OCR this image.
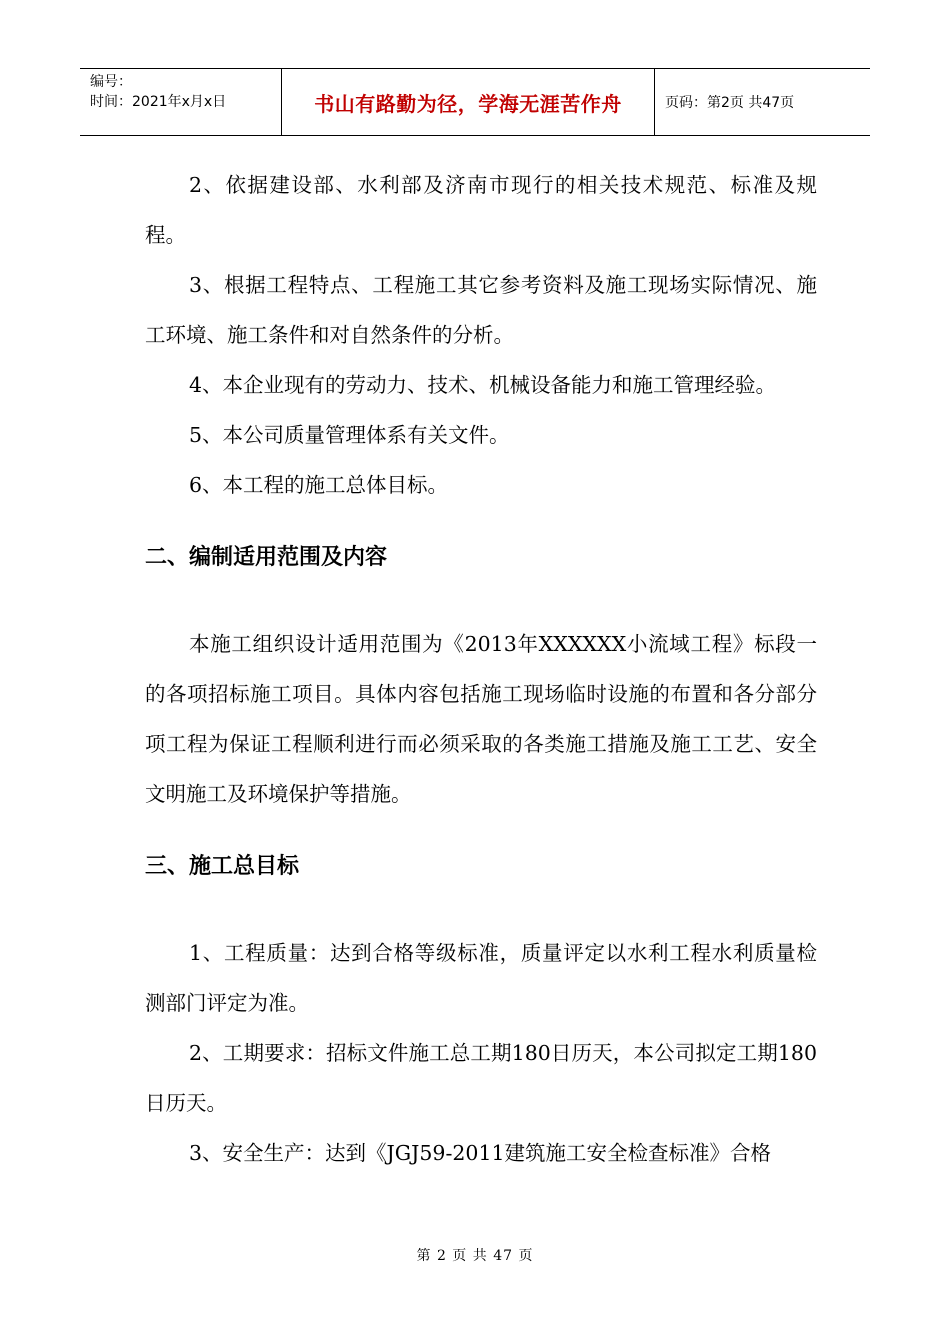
编号：
时间：2021年x月x日	书山有路勤为径，学海无涯苦作舟	页码：第2页 共47页

2、依据建设部、水利部及济南市现行的相关技术规范、标准及规程。

3、根据工程特点、工程施工其它参考资料及施工现场实际情况、施工环境、施工条件和对自然条件的分析。

4、本企业现有的劳动力、技术、机械设备能力和施工管理经验。

5、本公司质量管理体系有关文件。

6、本工程的施工总体目标。

二、编制适用范围及内容

本施工组织设计适用范围为《2013年XXXXXX小流域工程》标段一的各项招标施工项目。具体内容包括施工现场临时设施的布置和各分部分项工程为保证工程顺利进行而必须采取的各类施工措施及施工工艺、安全文明施工及环境保护等措施。

三、施工总目标

1、工程质量：达到合格等级标准，质量评定以水利工程水利质量检测部门评定为准。

2、工期要求：招标文件施工总工期180日历天，本公司拟定工期180日历天。

3、安全生产：达到《JGJ59-2011建筑施工安全检查标准》合格

第 2 页 共 47 页
